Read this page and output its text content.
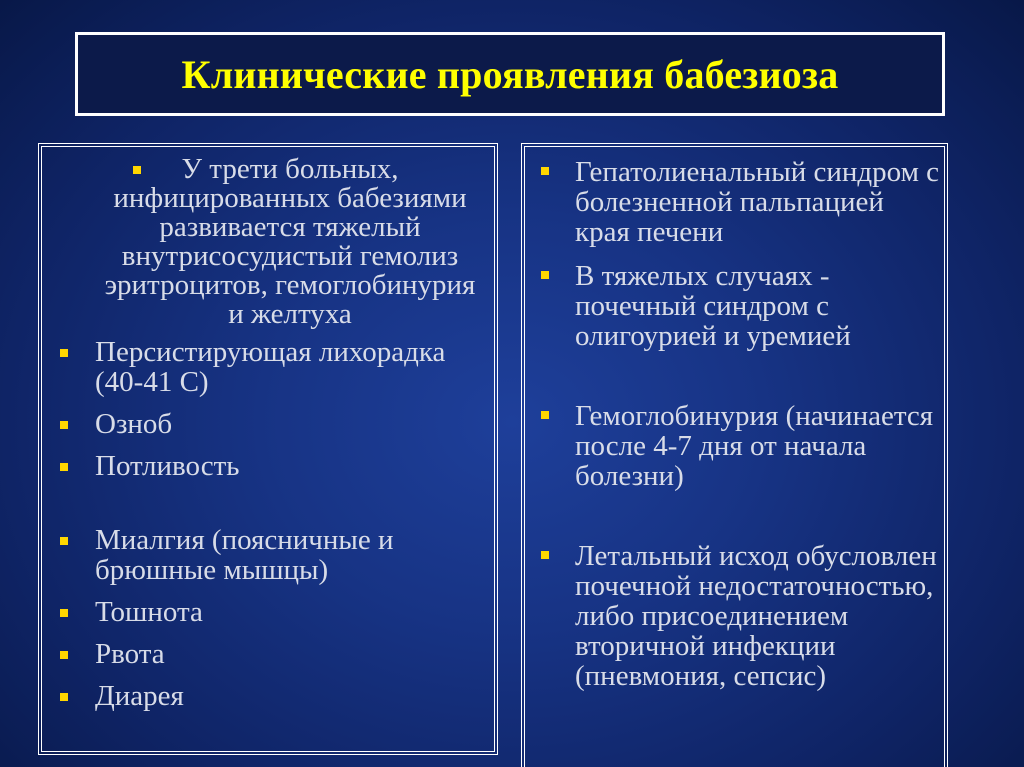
Клинические проявления бабезиоза
У трети больных, инфицированных бабезиями развивается тяжелый внутрисосудистый гемолиз эритроцитов, гемоглобинурия и желтуха
Персистирующая лихорадка (40-41 С)
Озноб
Потливость
Миалгия (поясничные и брюшные мышцы)
Тошнота
Рвота
Диарея
Гепатолиенальный синдром с болезненной пальпацией края печени
В тяжелых случаях - почечный синдром с олигоурией и уремией
Гемоглобинурия (начинается после 4-7 дня от начала болезни)
Летальный исход обусловлен почечной недостаточностью, либо присоединением вторичной инфекции (пневмония, сепсис)
